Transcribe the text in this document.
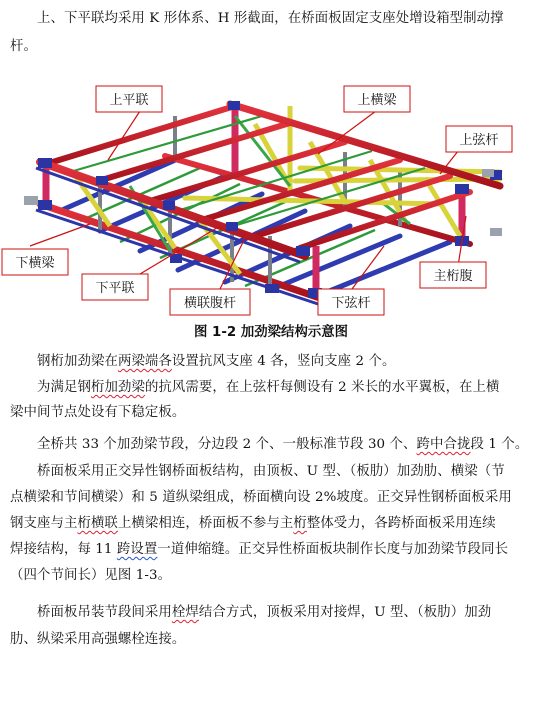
上、下平联均采用 K 形体系、H 形截面，在桥面板固定支座处增设箱型制动撑

杆。

上平联	上横梁
上弦杆
下横梁
主桁腹
下平联
横联腹杆	下弦杆
图 1-2 加劲梁结构示意图

钢桁加劲梁在两梁端各设置抗风支座 4 各，竖向支座 2 个。

为满足钢桁加劲梁的抗风需要，在上弦杆每侧设有 2 米长的水平翼板，在上横

梁中间节点处设有下稳定板。

全桥共 33 个加劲梁节段，分边段 2 个、一般标准节段 30 个、跨中合拢段 1 个。

桥面板采用正交异性钢桥面板结构，由顶板、U 型、（板肋）加劲肋、横梁（节

点横梁和节间横梁）和 5 道纵梁组成，桥面横向设 2%坡度。正交异性钢桥面板采用

钢支座与主桁横联上横梁相连，桥面板不参与主桁整体受力，各跨桥面板采用连续

焊接结构，每 11 跨设置一道伸缩缝。正交异性桥面板块制作长度与加劲梁节段同长

（四个节间长）见图 1-3。

桥面板吊装节段间采用栓焊结合方式，顶板采用对接焊，U 型、（板肋）加劲

肋、纵梁采用高强螺栓连接。
